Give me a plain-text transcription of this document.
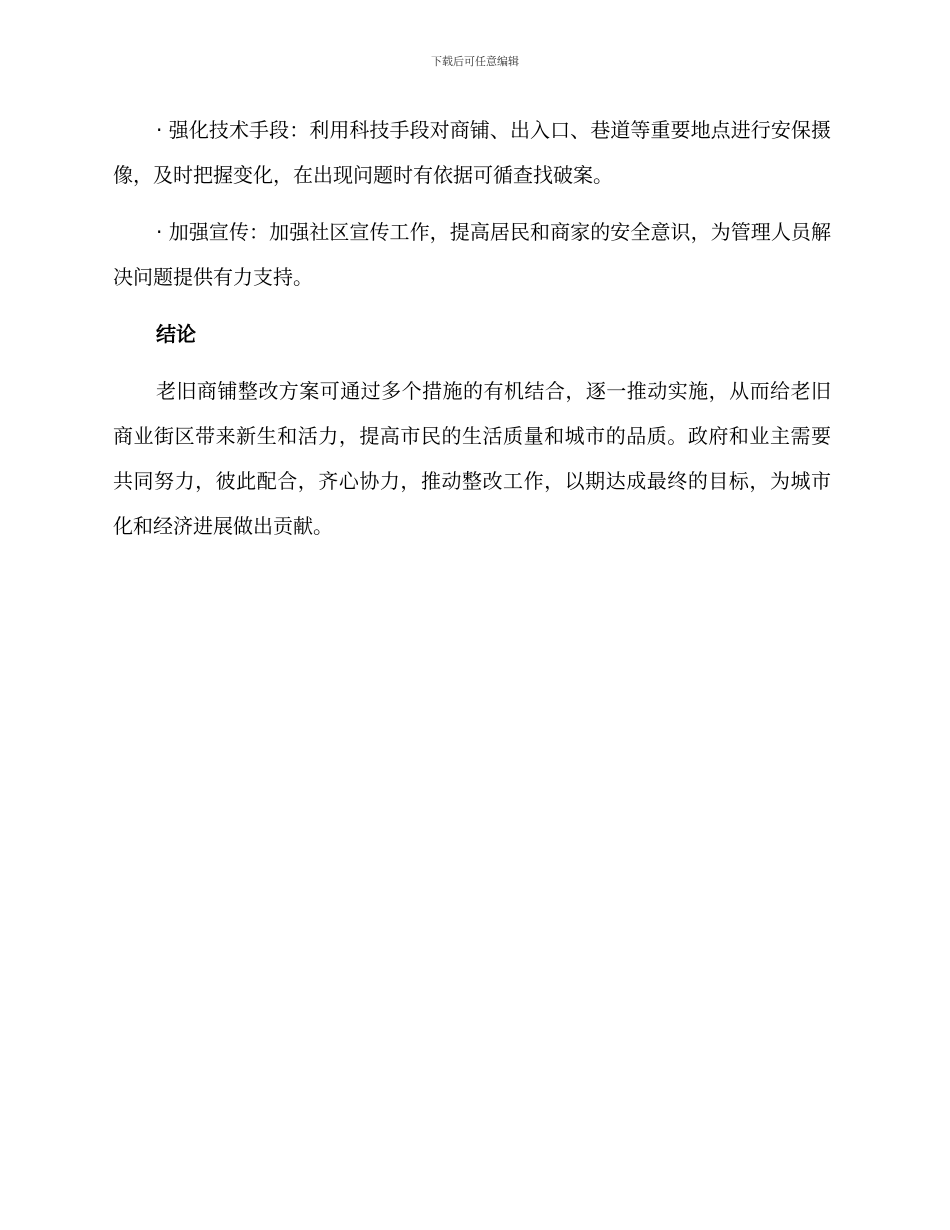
下载后可任意编辑

· 强化技术手段：利用科技手段对商铺、出入口、巷道等重要地点进行安保摄像，及时把握变化，在出现问题时有依据可循查找破案。

· 加强宣传：加强社区宣传工作，提高居民和商家的安全意识，为管理人员解决问题提供有力支持。

结论

老旧商铺整改方案可通过多个措施的有机结合，逐一推动实施，从而给老旧商业街区带来新生和活力，提高市民的生活质量和城市的品质。政府和业主需要共同努力，彼此配合，齐心协力，推动整改工作，以期达成最终的目标，为城市化和经济进展做出贡献。
